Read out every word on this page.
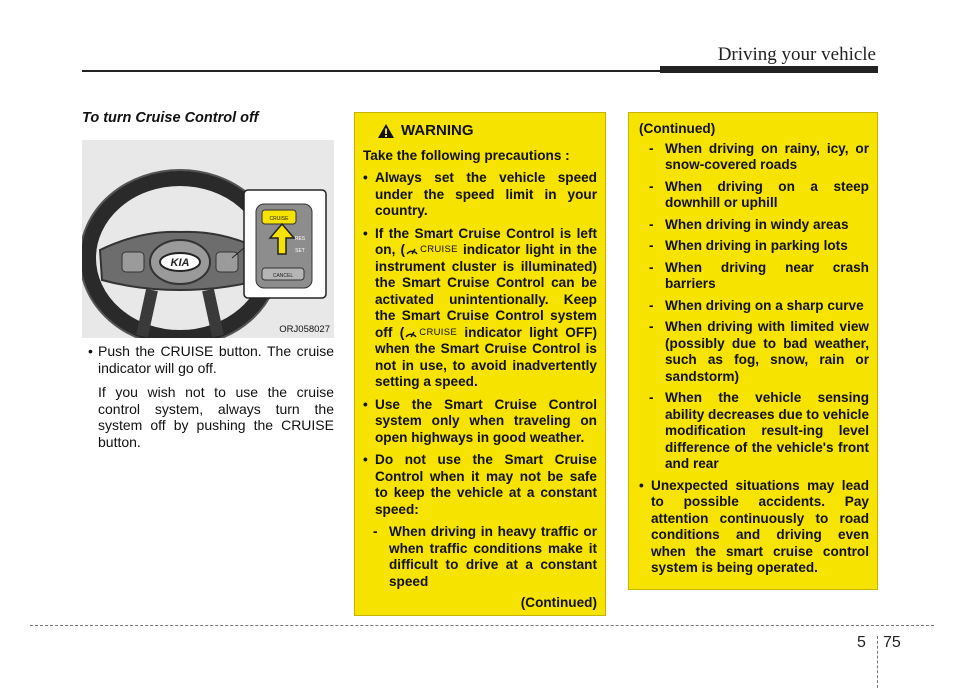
Driving your vehicle
To turn Cruise Control off
KIA
CRUISE
RES
SET
CANCEL
ORJ058027
• Push the CRUISE button. The cruise indicator will go off.
If you wish not to use the cruise control system, always turn the system off by pushing the CRUISE button.
WARNING
Take the following precautions :
• Always set the vehicle speed under the speed limit in your country.
• If the Smart Cruise Control is left on, ( CRUISE indicator light in the instrument cluster is illuminated) the Smart Cruise Control can be activated unintentionally. Keep the Smart Cruise Control system off ( CRUISE indicator light OFF) when the Smart Cruise Control is not in use, to avoid inadvertently setting a speed.
• Use the Smart Cruise Control system only when traveling on open highways in good weather.
• Do not use the Smart Cruise Control when it may not be safe to keep the vehicle at a constant speed:
- When driving in heavy traffic or when traffic conditions make it difficult to drive at a constant speed
(Continued)
(Continued)
- When driving on rainy, icy, or snow-covered roads
- When driving on a steep downhill or uphill
- When driving in windy areas
- When driving in parking lots
- When driving near crash barriers
- When driving on a sharp curve
- When driving with limited view (possibly due to bad weather, such as fog, snow, rain or sandstorm)
- When the vehicle sensing ability decreases due to vehicle modification result-ing level difference of the vehicle's front and rear
• Unexpected situations may lead to possible accidents. Pay attention continuously to road conditions and driving even when the smart cruise control system is being operated.
5 75
